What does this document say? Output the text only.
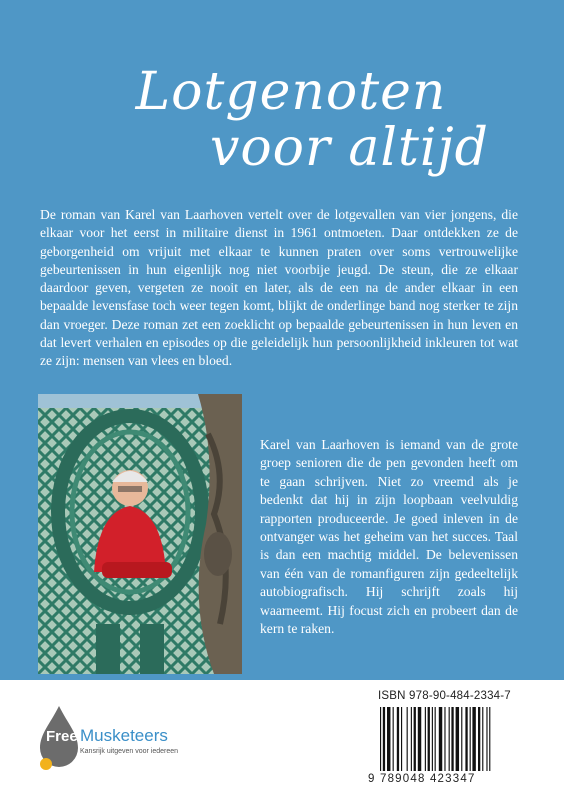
Lotgenoten
voor altijd

De roman van Karel van Laarhoven vertelt over de lotgevallen van vier jongens, die elkaar voor het eerst in militaire dienst in 1961 ontmoeten. Daar ontdekken ze de geborgenheid om vrijuit met elkaar te kunnen praten over soms vertrouwelijke gebeurtenissen in hun eigenlijk nog niet voorbije jeugd. De steun, die ze elkaar daardoor geven, vergeten ze nooit en later, als de een na de ander elkaar in een bepaalde levensfase toch weer tegen komt, blijkt de onderlinge band nog sterker te zijn dan vroeger. Deze roman zet een zoeklicht op bepaalde gebeurtenissen in hun leven en dat levert verhalen en episodes op die geleidelijk hun persoonlijkheid inkleuren tot wat ze zijn: mensen van vlees en bloed.

Karel van Laarhoven is iemand van de grote groep senioren die de pen gevonden heeft om te gaan schrijven. Niet zo vreemd als je bedenkt dat hij in zijn loopbaan veelvuldig rapporten produceerde. Je goed inleven in de ontvanger was het geheim van het succes. Taal is dan een machtig middel. De belevenissen van één van de romanfiguren zijn gedeeltelijk autobiografisch. Hij schrijft zoals hij waarneemt. Hij focust zich en probeert dan de kern te raken.

Free Musketeers
Kansrijk uitgeven voor iedereen
ISBN 978-90-484-2334-7
9 789048 423347
